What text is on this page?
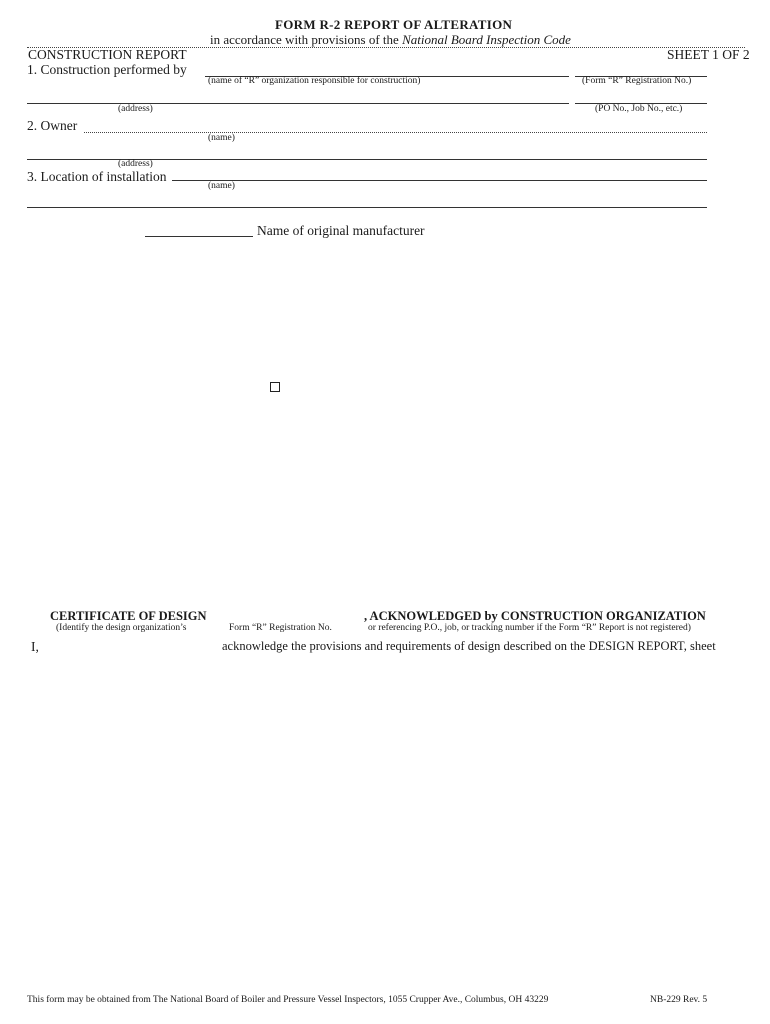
FORM R-2 REPORT OF ALTERATION
in accordance with provisions of the National Board Inspection Code
CONSTRUCTION REPORT	SHEET 1 OF 2
1. Construction performed by
(name of “R” organization responsible for construction)	(Form “R” Registration No.)
(address)	(PO No., Job No., etc.)
2. Owner
(name)
(address)
3. Location of installation
(name)
Name of original manufacturer
CERTIFICATE OF DESIGN	, ACKNOWLEDGED by CONSTRUCTION ORGANIZATION
(Identify the design organization’s	Form “R” Registration No.	or referencing P.O., job, or tracking number if the Form “R” Report is not registered)
I,	acknowledge the provisions and requirements of design described on the DESIGN REPORT, sheet
This form may be obtained from The National Board of Boiler and Pressure Vessel Inspectors, 1055 Crupper Ave., Columbus, OH 43229	NB-229 Rev. 5
